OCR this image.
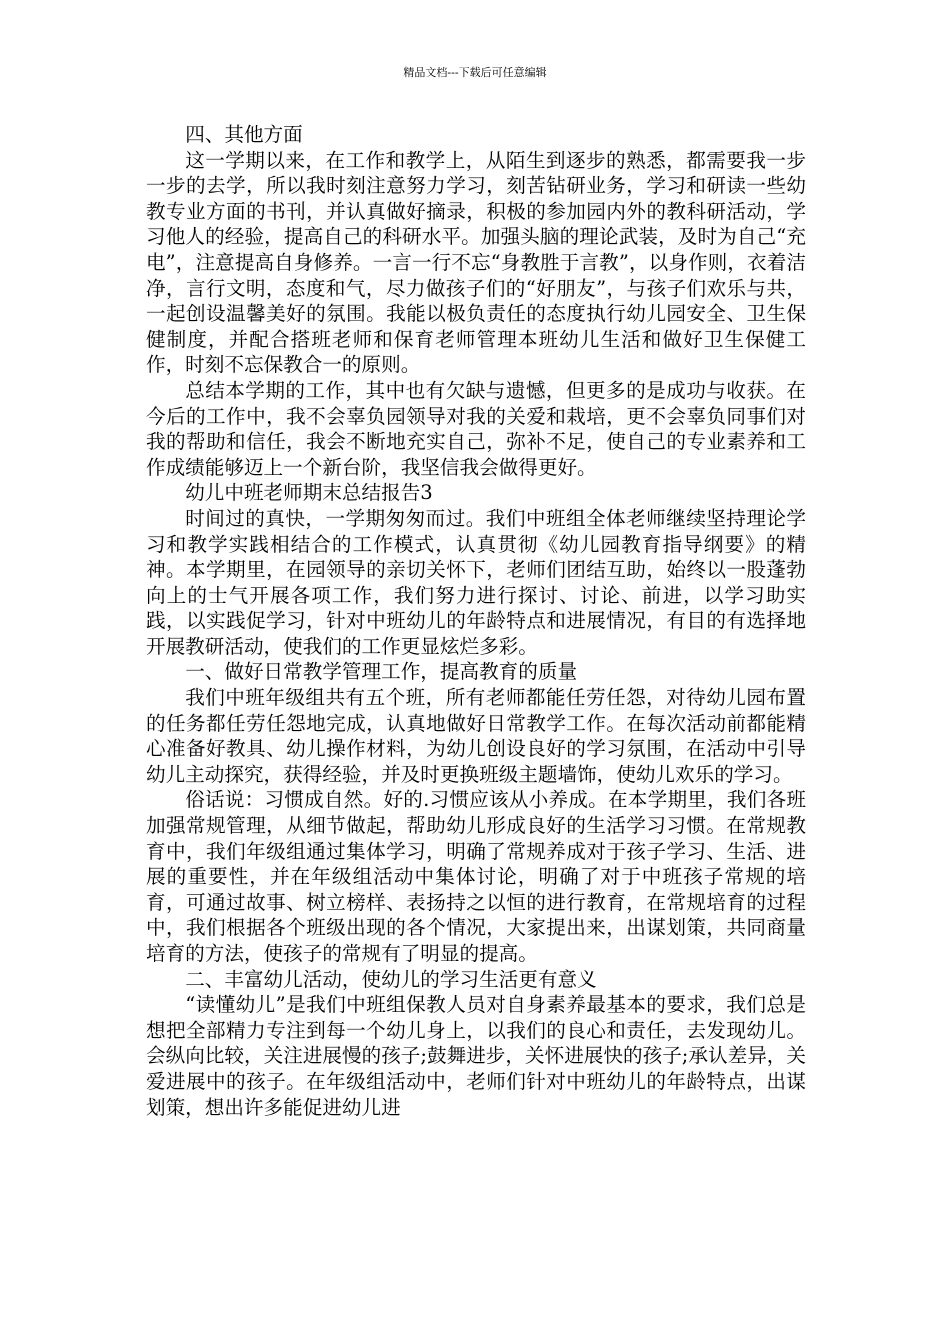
精品文档---下载后可任意编辑

四、其他方面

这一学期以来，在工作和教学上，从陌生到逐步的熟悉，都需要我一步一步的去学，所以我时刻注意努力学习，刻苦钻研业务，学习和研读一些幼教专业方面的书刊，并认真做好摘录，积极的参加园内外的教科研活动，学习他人的经验，提高自己的科研水平。加强头脑的理论武装，及时为自己“充电”，注意提高自身修养。一言一行不忘“身教胜于言教”，以身作则，衣着洁净，言行文明，态度和气，尽力做孩子们的“好朋友”，与孩子们欢乐与共，一起创设温馨美好的氛围。我能以极负责任的态度执行幼儿园安全、卫生保健制度，并配合搭班老师和保育老师管理本班幼儿生活和做好卫生保健工作，时刻不忘保教合一的原则。

总结本学期的工作，其中也有欠缺与遗憾，但更多的是成功与收获。在今后的工作中，我不会辜负园领导对我的关爱和栽培，更不会辜负同事们对我的帮助和信任，我会不断地充实自己，弥补不足，使自己的专业素养和工作成绩能够迈上一个新台阶，我坚信我会做得更好。

幼儿中班老师期末总结报告3

时间过的真快，一学期匆匆而过。我们中班组全体老师继续坚持理论学习和教学实践相结合的工作模式，认真贯彻《幼儿园教育指导纲要》的精神。本学期里，在园领导的亲切关怀下，老师们团结互助，始终以一股蓬勃向上的士气开展各项工作，我们努力进行探讨、讨论、前进，以学习助实践，以实践促学习，针对中班幼儿的年龄特点和进展情况，有目的有选择地开展教研活动，使我们的工作更显炫烂多彩。

一、做好日常教学管理工作，提高教育的质量

我们中班年级组共有五个班，所有老师都能任劳任怨，对待幼儿园布置的任务都任劳任怨地完成，认真地做好日常教学工作。在每次活动前都能精心准备好教具、幼儿操作材料，为幼儿创设良好的学习氛围，在活动中引导幼儿主动探究，获得经验，并及时更换班级主题墙饰，使幼儿欢乐的学习。

俗话说：习惯成自然。好的.习惯应该从小养成。在本学期里，我们各班加强常规管理，从细节做起，帮助幼儿形成良好的生活学习习惯。在常规教育中，我们年级组通过集体学习，明确了常规养成对于孩子学习、生活、进展的重要性，并在年级组活动中集体讨论，明确了对于中班孩子常规的培育，可通过故事、树立榜样、表扬持之以恒的进行教育，在常规培育的过程中，我们根据各个班级出现的各个情况，大家提出来，出谋划策，共同商量培育的方法，使孩子的常规有了明显的提高。

二、丰富幼儿活动，使幼儿的学习生活更有意义

“读懂幼儿”是我们中班组保教人员对自身素养最基本的要求，我们总是想把全部精力专注到每一个幼儿身上，以我们的良心和责任，去发现幼儿。会纵向比较，关注进展慢的孩子;鼓舞进步，关怀进展快的孩子;承认差异，关爱进展中的孩子。在年级组活动中，老师们针对中班幼儿的年龄特点，出谋划策，想出许多能促进幼儿进
